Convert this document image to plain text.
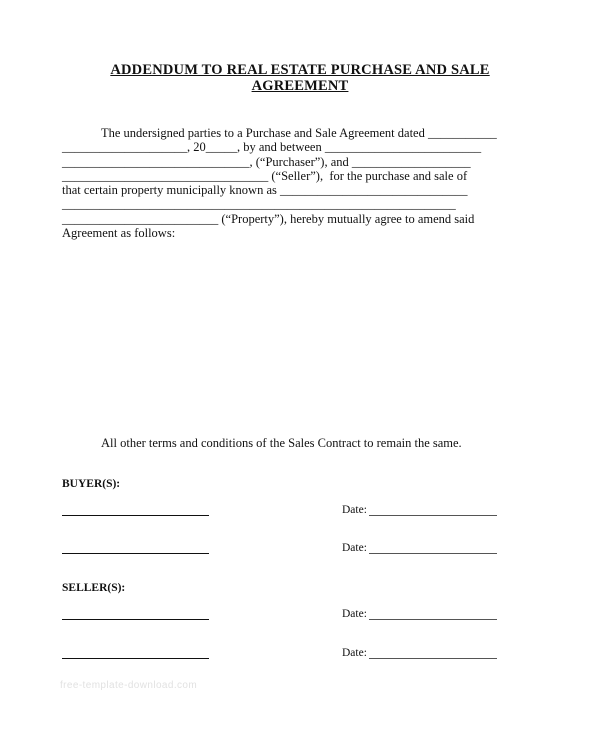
ADDENDUM TO REAL ESTATE PURCHASE AND SALE
AGREEMENT
The undersigned parties to a Purchase and Sale Agreement dated ___________
____________________, 20_____, by and between _________________________
______________________________, (“Purchaser”), and ___________________
_________________________________ (“Seller”),  for the purchase and sale of
that certain property municipally known as ______________________________
_______________________________________________________________
_________________________ (“Property”), hereby mutually agree to amend said
Agreement as follows:
All other terms and conditions of the Sales Contract to remain the same.
BUYER(S):
Date:
Date:
SELLER(S):
Date:
Date:
free-template-download.com
